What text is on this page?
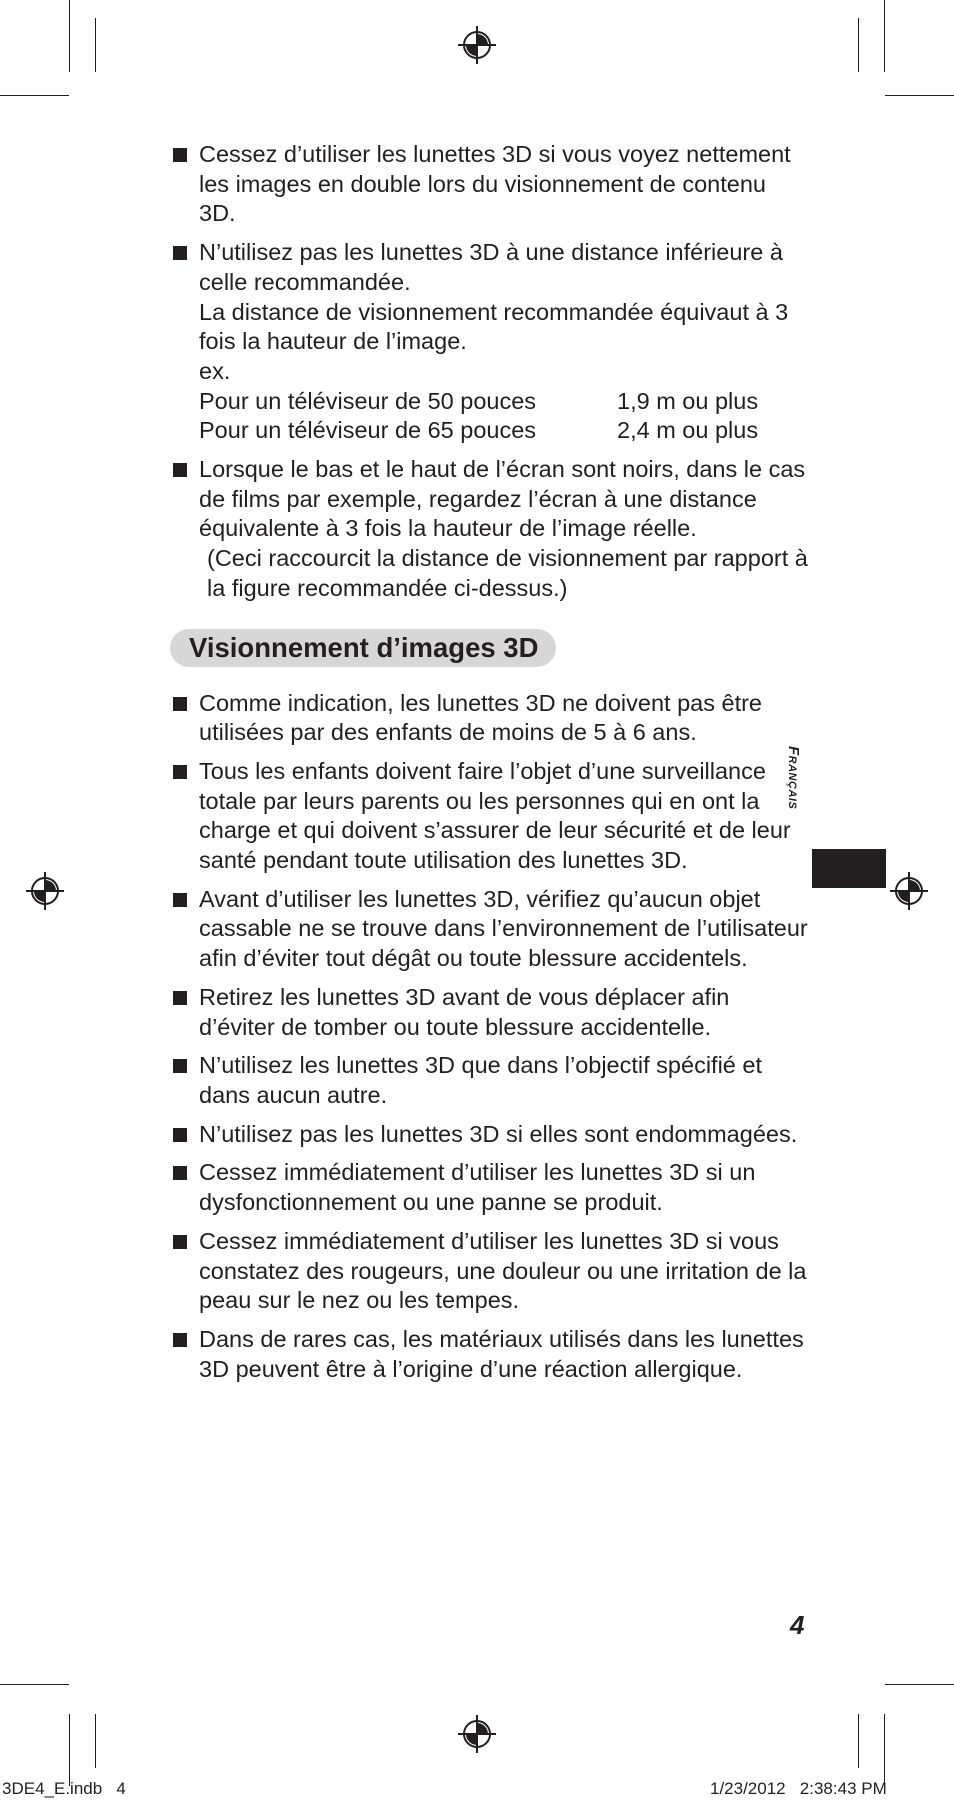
Cessez d’utiliser les lunettes 3D si vous voyez nettement les images en double lors du visionnement de contenu 3D.
N’utilisez pas les lunettes 3D à une distance inférieure à celle recommandée.
La distance de visionnement recommandée équivaut à 3 fois la hauteur de l’image.
ex.
Pour un téléviseur de 50 pouces	1,9 m ou plus
Pour un téléviseur de 65 pouces	2,4 m ou plus
Lorsque le bas et le haut de l’écran sont noirs, dans le cas de films par exemple, regardez l’écran à une distance équivalente à 3 fois la hauteur de l’image réelle.
(Ceci raccourcit la distance de visionnement par rapport à la figure recommandée ci-dessus.)
Visionnement d’images 3D
Comme indication, les lunettes 3D ne doivent pas être utilisées par des enfants de moins de 5 à 6 ans.
Tous les enfants doivent faire l’objet d’une surveillance totale par leurs parents ou les personnes qui en ont la charge et qui doivent s’assurer de leur sécurité et de leur santé pendant toute utilisation des lunettes 3D.
Avant d’utiliser les lunettes 3D, vérifiez qu’aucun objet cassable ne se trouve dans l’environnement de l’utilisateur afin d’éviter tout dégât ou toute blessure accidentels.
Retirez les lunettes 3D avant de vous déplacer afin d’éviter de tomber ou toute blessure accidentelle.
N’utilisez les lunettes 3D que dans l’objectif spécifié et dans aucun autre.
N’utilisez pas les lunettes 3D si elles sont endommagées.
Cessez immédiatement d’utiliser les lunettes 3D si un dysfonctionnement ou une panne se produit.
Cessez immédiatement d’utiliser les lunettes 3D si vous constatez des rougeurs, une douleur ou une irritation de la peau sur le nez ou les tempes.
Dans de rares cas, les matériaux utilisés dans les lunettes 3D peuvent être à l’origine d’une réaction allergique.
Français
4
3DE4_E.indb   4	1/23/2012   2:38:43 PM
